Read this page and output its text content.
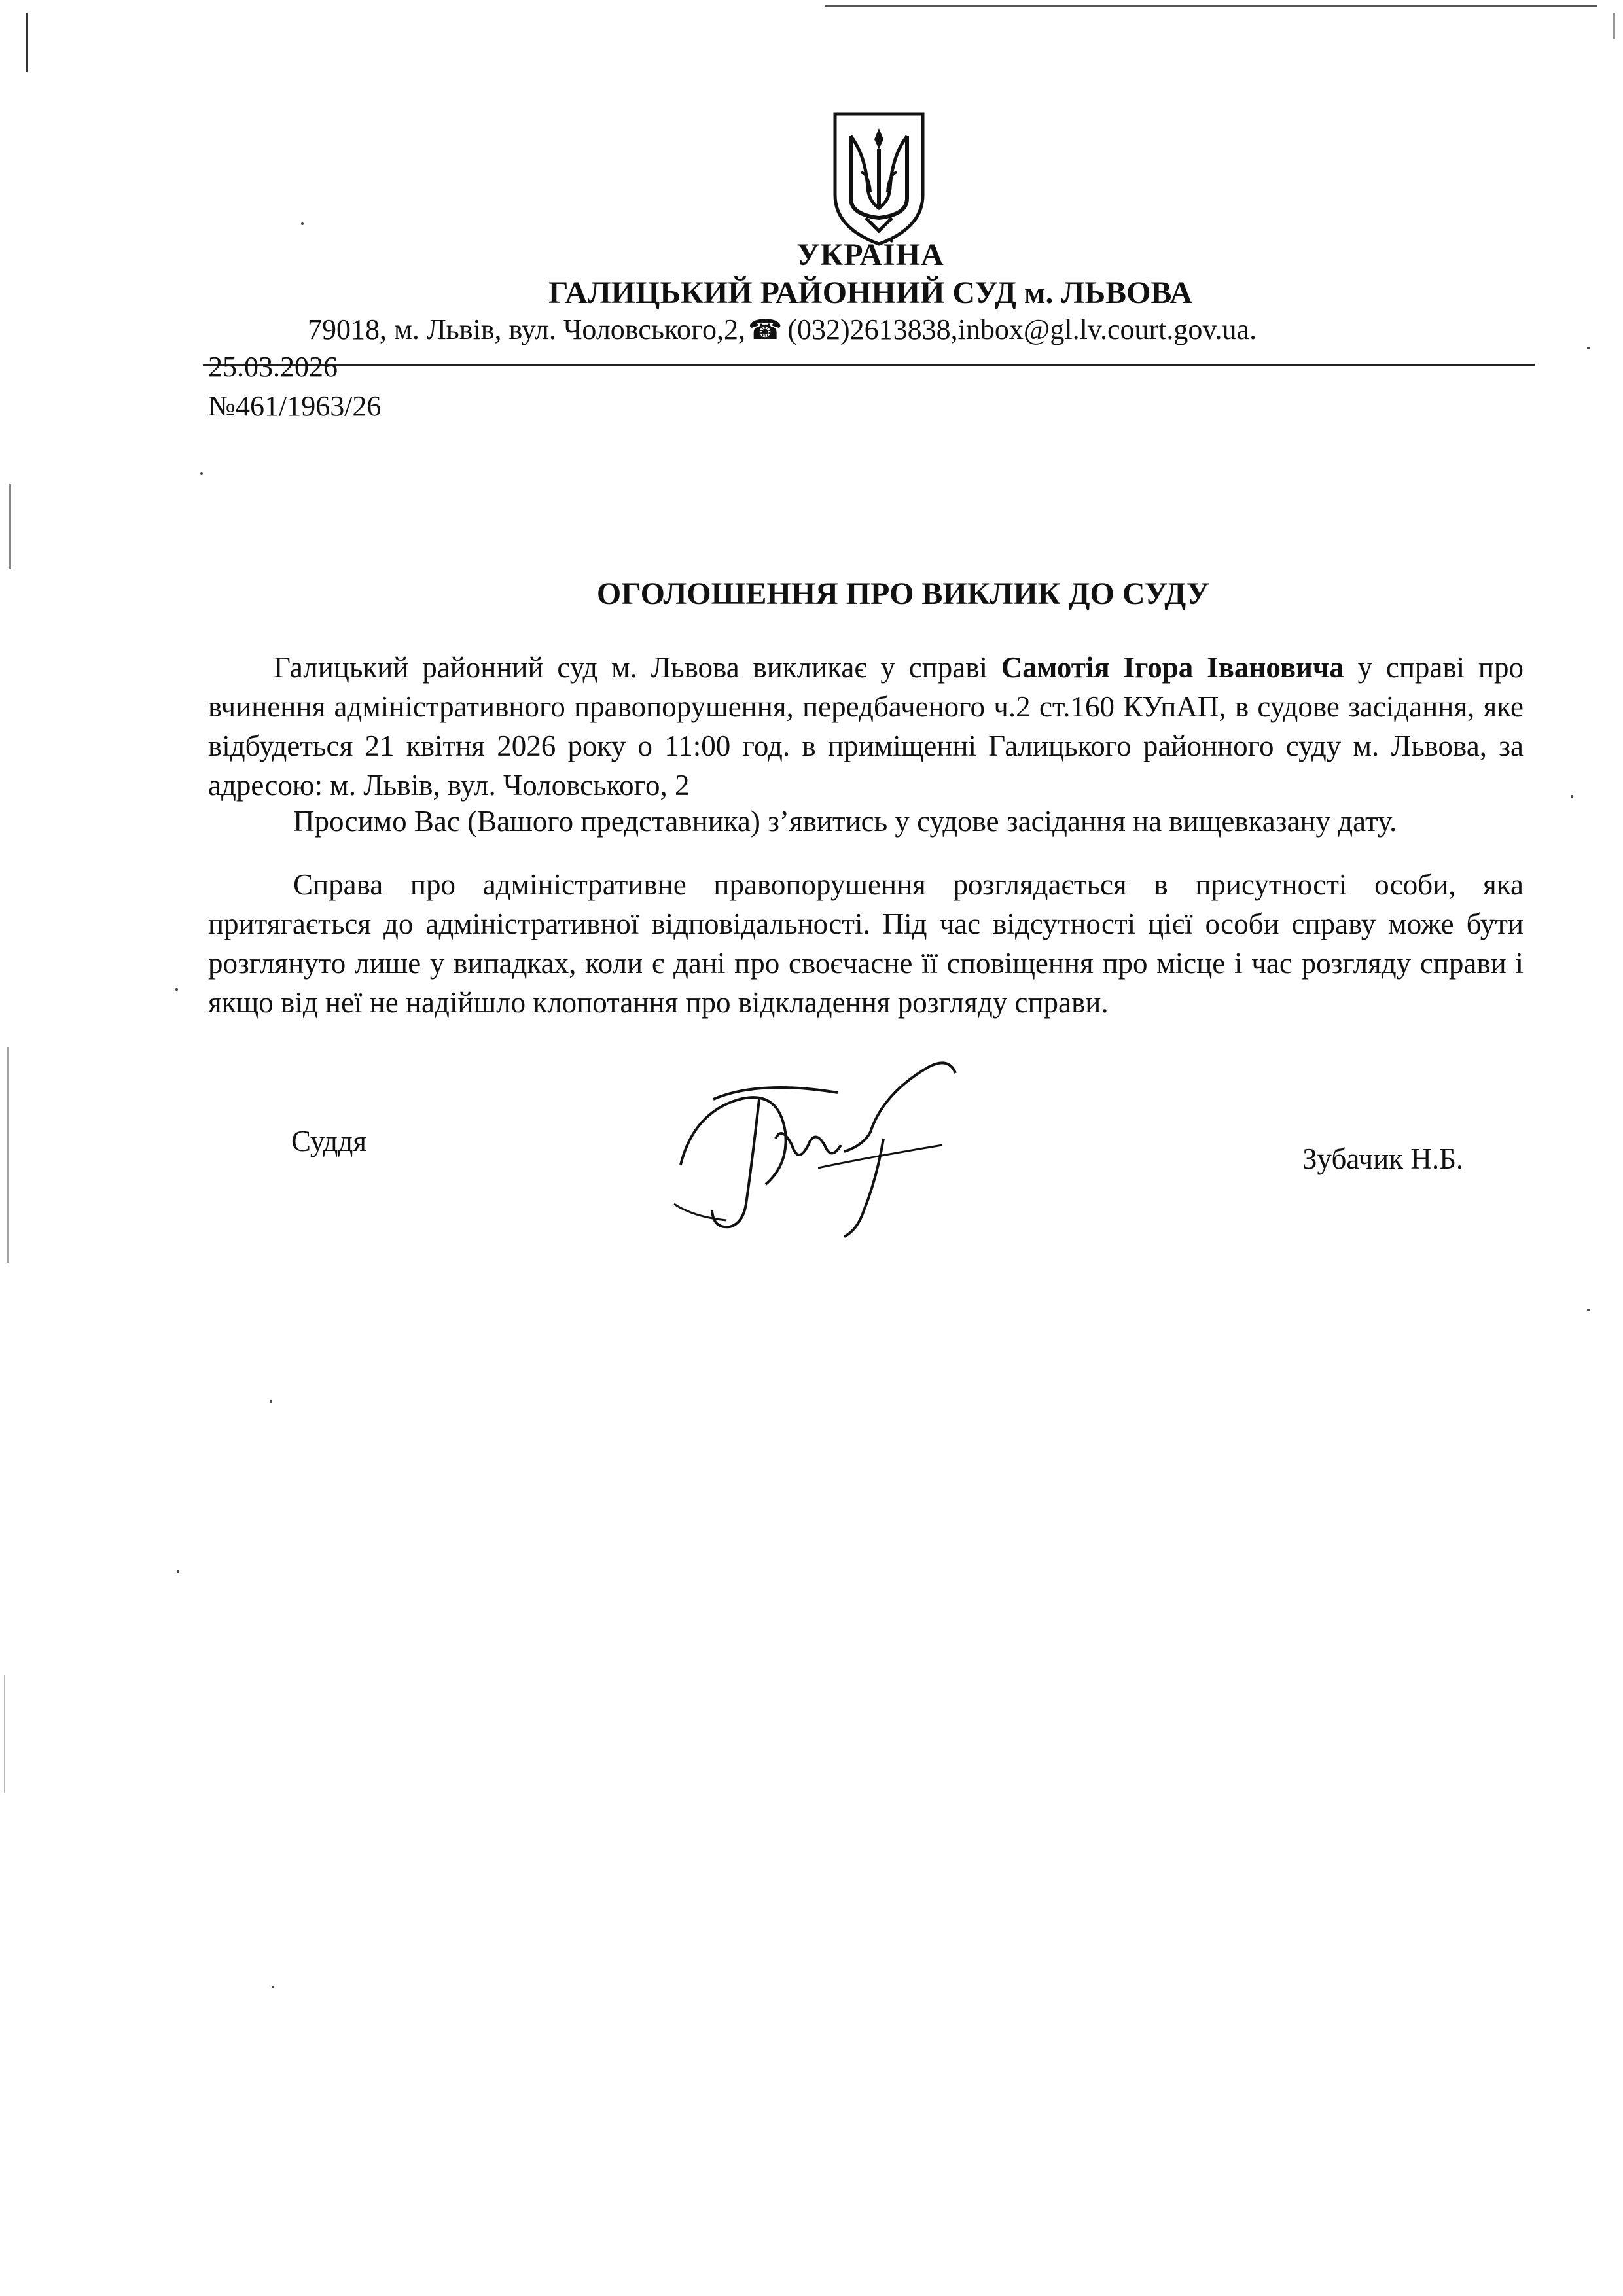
УКРАЇНА
ГАЛИЦЬКИЙ РАЙОННИЙ СУД м. ЛЬВОВА
79018, м. Львів, вул. Чоловського,2,☎ (032)2613838,inbox@gl.lv.court.gov.ua.
25.03.2026
№461/1963/26
ОГОЛОШЕННЯ ПРО ВИКЛИК ДО СУДУ
Галицький районний суд м. Львова викликає у справі Самотія Ігора Івановича у справі про вчинення адміністративного правопорушення, передбаченого ч.2 ст.160 КУпАП, в судове засідання, яке відбудеться 21 квітня 2026 року о 11:00 год. в приміщенні Галицького районного суду м. Львова, за адресою: м. Львів, вул. Чоловського, 2
Просимо Вас (Вашого представника) з’явитись у судове засідання на вищевказану дату.
Справа про адміністративне правопорушення розглядається в присутності особи, яка притягається до адміністративної відповідальності. Під час відсутності цієї особи справу може бути розглянуто лише у випадках, коли є дані про своєчасне її сповіщення про місце і час розгляду справи і якщо від неї не надійшло клопотання про відкладення розгляду справи.
Суддя
Зубачик Н.Б.
